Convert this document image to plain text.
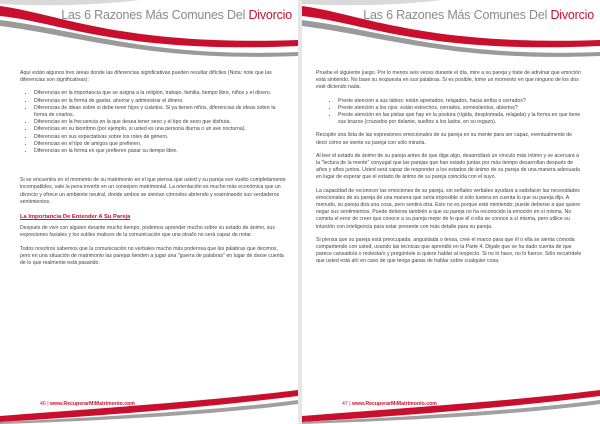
Las 6 Razones Más Comunes Del Divorcio

Aquí están algunos tres áreas donde las diferencias significativas pueden resultar difíciles (Nota: note que las diferencias son significativas):

• Diferencias en la importancia que se asigna a la religión, trabajo, familia, tiempo libre, niños y el dinero.
• Diferencias en la forma de gastar, ahorrar y administrar el dinero.
• Diferencias de ideas sobre si debe tener hijos y cuántos. Si ya tienen niños, diferencias de ideas sobre la forma de criarlos.
• Diferencias en la frecuencia en la que desea tener sexo y el tipo de sexo que disfruta.
• Diferencias en su biorritmo (por ejemplo, si usted es una persona diurna o un ave nocturna).
• Diferencias en sus expectativas sobre los roles de género.
• Diferencias en el tipo de amigos que prefieren.
• Diferencias en la forma en que prefieren pasar su tiempo libre.

Si se encuentra en el momento de su matrimonio en el que piensa que usted y su pareja son vuelto completamente incompatibles, vale la pena invertir en un consejero matrimonial. La orientación es mucho más económica que un divorcio y ofrece un ambiente neutral, donde ambos se sientan cómodos abriendo y examinando sus verdaderos sentimientos.

La Importancia De Entender A Su Pareja

Después de vivir con alguien durante mucho tiempo, podemos aprender mucho sobre su estado de ánimo, sus expresiones faciales y los sutiles matices de la comunicación que una otra/lo no será capaz de notar.

Todos nosotros sabemos que la comunicación no verbales mucho más poderosa que las palabras que decimos, pero en una situación de matrimonio las parejas tienden a jugar una "guerra de palabras" en lugar de darse cuenta de lo que realmente está pasando.

46 | www.RecuperarMiMatrimonio.com
Las 6 Razones Más Comunes Del Divorcio

Pruebe el siguiente juego. Por lo menos seis veces durante el día, mire a su pareja y trate de adivinar que emoción está sintiendo. No base su respuesta en sus palabras. Si es posible, tome un momento en que ninguno de los dos esté diciendo nada.

• Preste atención a sus labios: están apretados, relajados, hacia arriba o cerrados?
• Preste atención a los ojos: están estrechos, cerrados, somnolientos, abiertos?
• Preste atención en las pistas que hay en la postura (rígida, desplomada, relajada) y la forma en que tiene sus brazos (cruzados por delante, sueltos a los lados, en su regazo).

Recopile una lista de las expresiones emocionales de su pareja en su mente para ser capaz, eventualmente de decir cómo se siente su pareja con sólo mirarla.

Al leer el estado de ánimo de su pareja antes de que diga algo, desarrollará un vínculo más íntimo y se acercará a la "lectura de la mente" conyugal que las parejas que han estado juntas por más tiempo desarrollan después de años y años juntos. Usted será capaz de responder a los estados de ánimo de su pareja de una manera adecuada en lugar de esperar que el estado de ánimo de su pareja coincida con el suyo.

La capacidad de reconocer las emociones de su pareja, sin señales verbales ayudará a satisfacer las necesidades emocionales de su pareja de una manera que sería imposible si sólo tuviera en cuenta lo que su pareja dijo. A menudo, su pareja dirá una cosa, pero sentirá otra. Esto no es porque esté mintiendo; puede deberse a que quiere negar sus sentimientos. Puede deberse también a que su pareja no ha reconocido la emoción en sí misma. No cometa el error de creer que conoce a su pareja mejor de lo que él o ella se conoce a sí misma, pero utilice su intuición con inteligencia para estar presente con más detalle para su pareja.

Si piensa que su pareja está preocupada, angustiada o tensa, creé el marco para que él o ella se sienta cómoda compartiendo con usted, usando las técnicas que aprendió en la Parte 4. Digale que se ha dado cuenta de que parece cansado/a o molesta/o y pregúntele si quiere hablar al respecto. Si no lo hace, no lo fuerce. Sólo recuérdele que usted está ahí en caso de que tenga ganas de hablar sobre cualquier cosa.

47 | www.RecuperarMiMatrimonio.com
